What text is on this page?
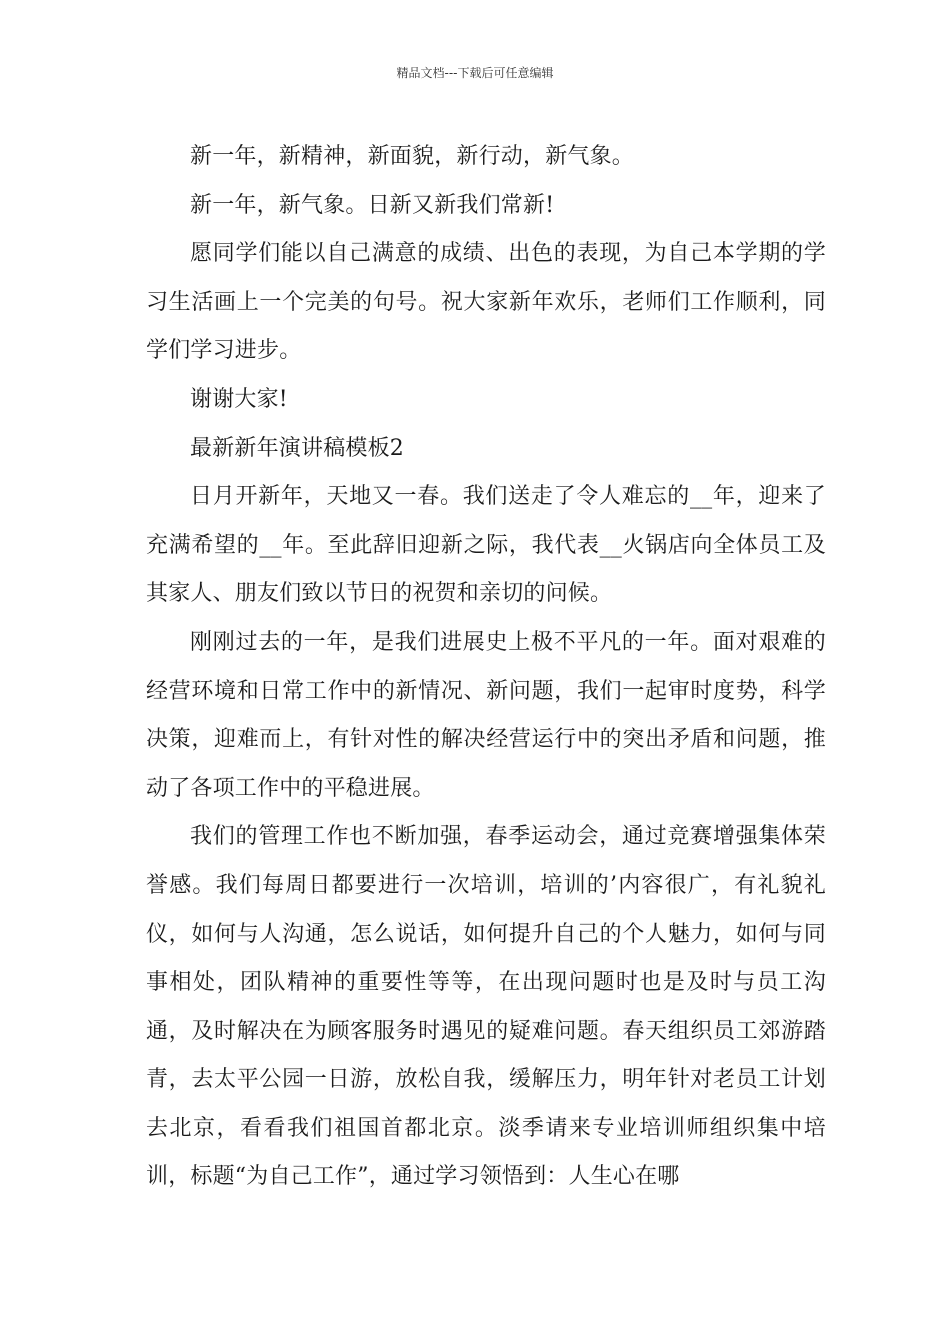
精品文档---下载后可任意编辑

新一年，新精神，新面貌，新行动，新气象。

新一年，新气象。日新又新我们常新!

愿同学们能以自己满意的成绩、出色的表现，为自己本学期的学习生活画上一个完美的句号。祝大家新年欢乐，老师们工作顺利，同学们学习进步。

谢谢大家!

最新新年演讲稿模板2

日月开新年，天地又一春。我们送走了令人难忘的__年，迎来了充满希望的__年。至此辞旧迎新之际，我代表__火锅店向全体员工及其家人、朋友们致以节日的祝贺和亲切的问候。

刚刚过去的一年，是我们进展史上极不平凡的一年。面对艰难的经营环境和日常工作中的新情况、新问题，我们一起审时度势，科学决策，迎难而上，有针对性的解决经营运行中的突出矛盾和问题，推动了各项工作中的平稳进展。

我们的管理工作也不断加强，春季运动会，通过竞赛增强集体荣誉感。我们每周日都要进行一次培训，培训的’内容很广，有礼貌礼仪，如何与人沟通，怎么说话，如何提升自己的个人魅力，如何与同事相处，团队精神的重要性等等，在出现问题时也是及时与员工沟通，及时解决在为顾客服务时遇见的疑难问题。春天组织员工郊游踏青，去太平公园一日游，放松自我，缓解压力，明年针对老员工计划去北京，看看我们祖国首都北京。淡季请来专业培训师组织集中培训，标题“为自己工作”，通过学习领悟到：人生心在哪
